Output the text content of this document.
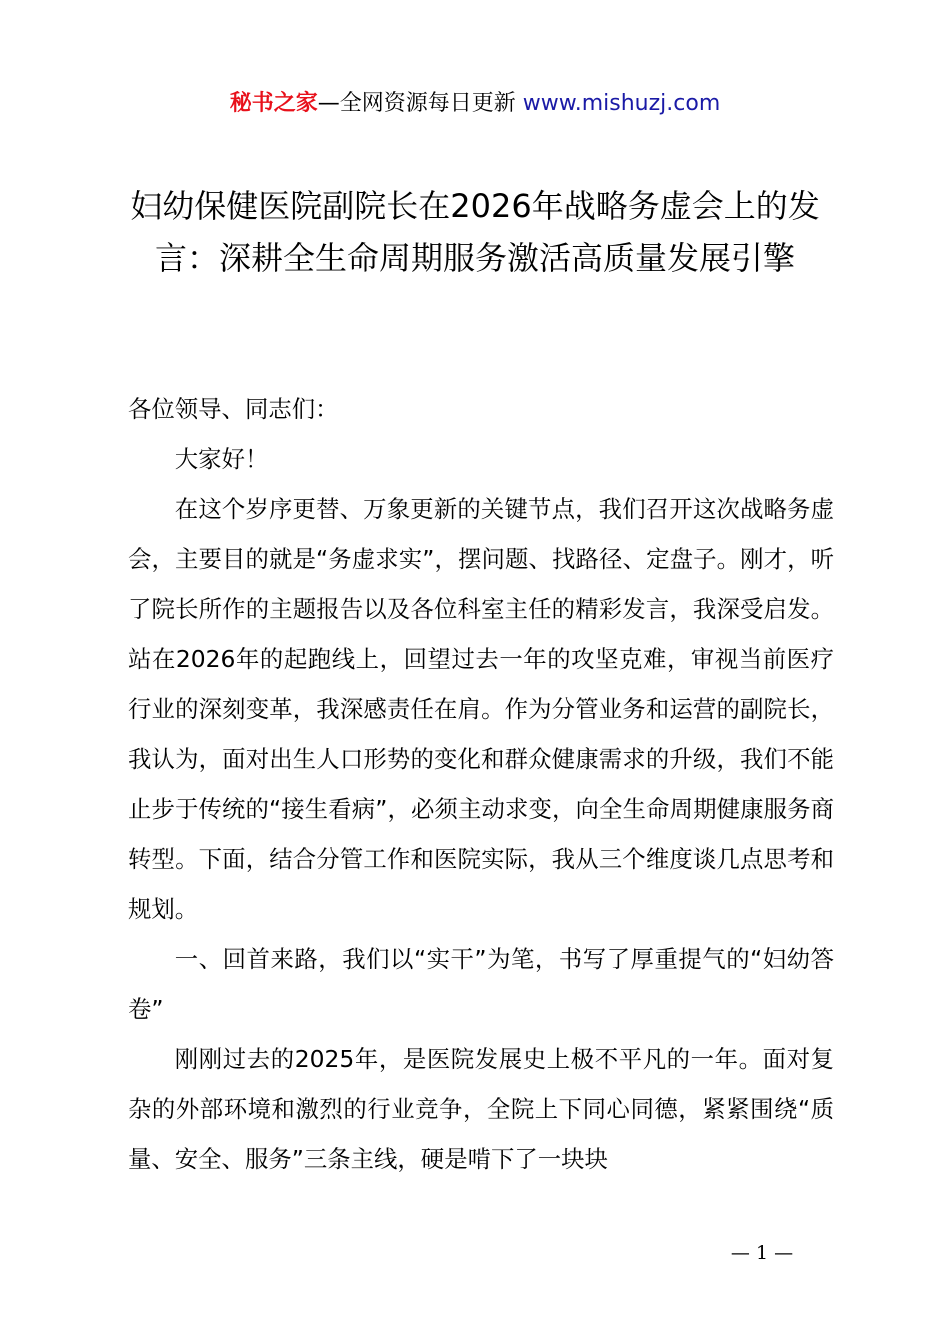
秘书之家—全网资源每日更新 www.mishuzj.com
妇幼保健医院副院长在2026年战略务虚会上的发言：深耕全生命周期服务激活高质量发展引擎

各位领导、同志们：

大家好！

在这个岁序更替、万象更新的关键节点，我们召开这次战略务虚会，主要目的就是“务虚求实”，摆问题、找路径、定盘子。刚才，听了院长所作的主题报告以及各位科室主任的精彩发言，我深受启发。站在2026年的起跑线上，回望过去一年的攻坚克难，审视当前医疗行业的深刻变革，我深感责任在肩。作为分管业务和运营的副院长，我认为，面对出生人口形势的变化和群众健康需求的升级，我们不能止步于传统的“接生看病”，必须主动求变，向全生命周期健康服务商转型。下面，结合分管工作和医院实际，我从三个维度谈几点思考和规划。

一、回首来路，我们以“实干”为笔，书写了厚重提气的“妇幼答卷”

刚刚过去的2025年，是医院发展史上极不平凡的一年。面对复杂的外部环境和激烈的行业竞争，全院上下同心同德，紧紧围绕“质量、安全、服务”三条主线，硬是啃下了一块块

— 1 —
